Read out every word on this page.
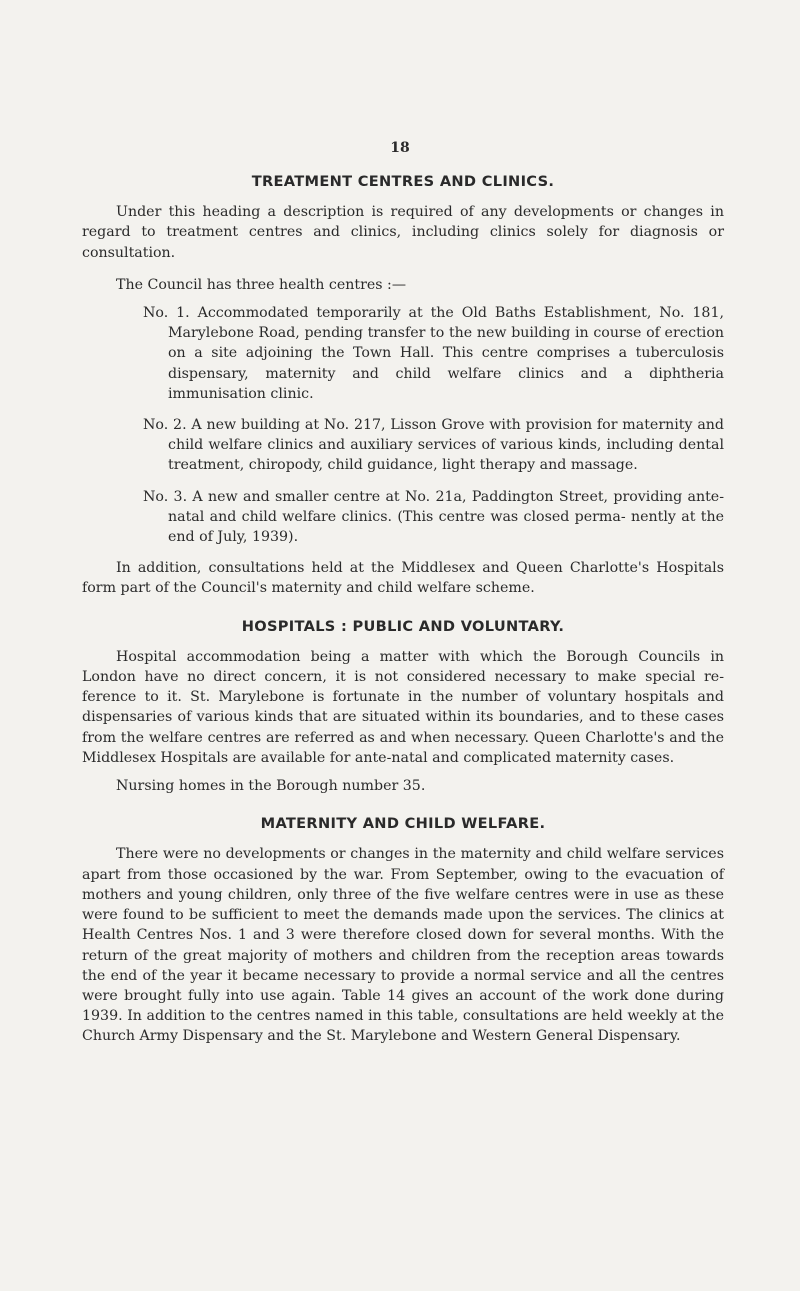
18
TREATMENT CENTRES AND CLINICS.

Under this heading a description is required of any developments or changes in regard to treatment centres and clinics, including clinics solely for diagnosis or consultation.

The Council has three health centres :—

No. 1. Accommodated temporarily at the Old Baths Establishment, No. 181, Marylebone Road, pending transfer to the new building in course of erection on a site adjoining the Town Hall. This centre comprises a tuberculosis dispensary, maternity and child welfare clinics and a diphtheria immunisation clinic.
No. 2. A new building at No. 217, Lisson Grove with provision for maternity and child welfare clinics and auxiliary services of various kinds, including dental treatment, chiropody, child guidance, light therapy and massage.
No. 3. A new and smaller centre at No. 21a, Paddington Street, providing ante-natal and child welfare clinics. (This centre was closed perma- nently at the end of July, 1939).

In addition, consultations held at the Middlesex and Queen Charlotte's Hospitals form part of the Council's maternity and child welfare scheme.

HOSPITALS : PUBLIC AND VOLUNTARY.

Hospital accommodation being a matter with which the Borough Councils in London have no direct concern, it is not considered necessary to make special re- ference to it. St. Marylebone is fortunate in the number of voluntary hospitals and dispensaries of various kinds that are situated within its boundaries, and to these cases from the welfare centres are referred as and when necessary. Queen Charlotte's and the Middlesex Hospitals are available for ante-natal and complicated maternity cases.

Nursing homes in the Borough number 35.

MATERNITY AND CHILD WELFARE.

There were no developments or changes in the maternity and child welfare services apart from those occasioned by the war. From September, owing to the evacuation of mothers and young children, only three of the five welfare centres were in use as these were found to be sufficient to meet the demands made upon the services. The clinics at Health Centres Nos. 1 and 3 were therefore closed down for several months. With the return of the great majority of mothers and children from the reception areas towards the end of the year it became necessary to provide a normal service and all the centres were brought fully into use again. Table 14 gives an account of the work done during 1939. In addition to the centres named in this table, consultations are held weekly at the Church Army Dispensary and the St. Marylebone and Western General Dispensary.
